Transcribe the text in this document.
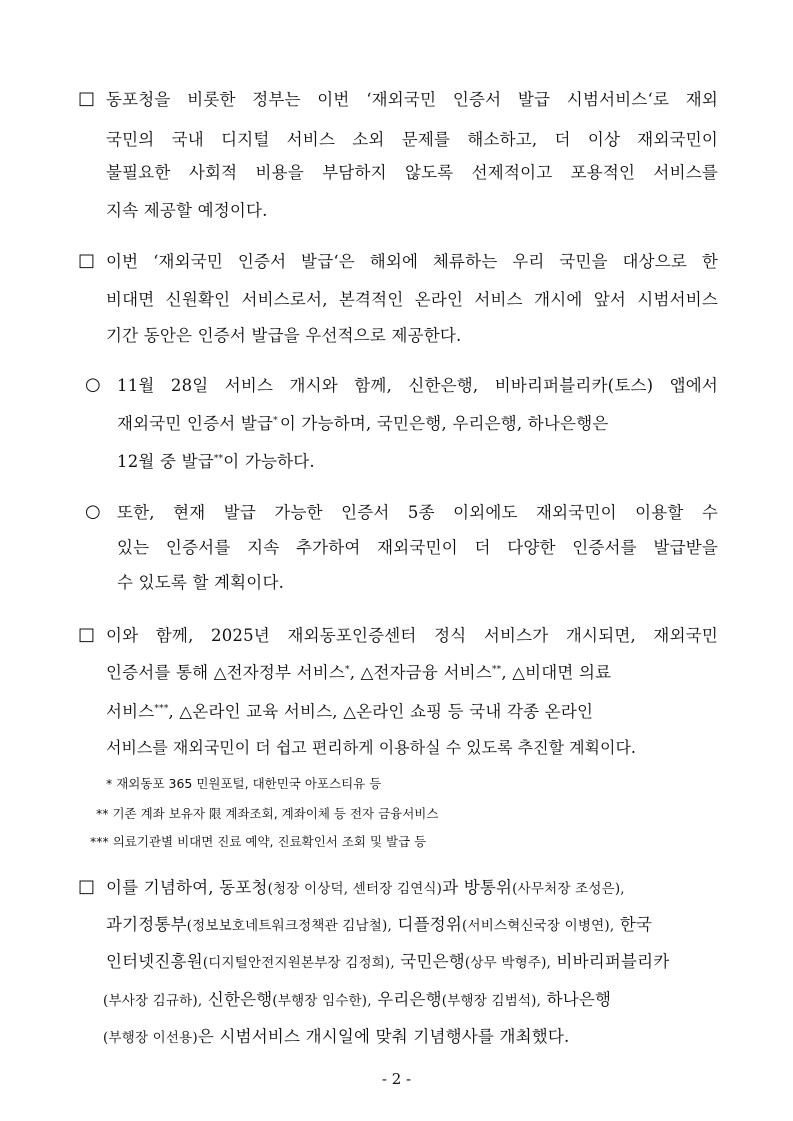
□ 동포청을 비롯한 정부는 이번 ‘재외국민 인증서 발급 시범서비스‘로 재외
국민의 국내 디지털 서비스 소외 문제를 해소하고, 더 이상 재외국민이
불필요한 사회적 비용을 부담하지 않도록 선제적이고 포용적인 서비스를
지속 제공할 예정이다.
□ 이번 ‘재외국민 인증서 발급‘은 해외에 체류하는 우리 국민을 대상으로 한
비대면 신원확인 서비스로서, 본격적인 온라인 서비스 개시에 앞서 시범서비스
기간 동안은 인증서 발급을 우선적으로 제공한다.
○ 11월 28일 서비스 개시와 함께, 신한은행, 비바리퍼블리카(토스) 앱에서
재외국민 인증서 발급* 이 가능하며, 국민은행, 우리은행, 하나은행은
12월 중 발급**이 가능하다.
○ 또한, 현재 발급 가능한 인증서 5종 이외에도 재외국민이 이용할 수
있는 인증서를 지속 추가하여 재외국민이 더 다양한 인증서를 발급받을
수 있도록 할 계획이다.
□ 이와 함께, 2025년 재외동포인증센터 정식 서비스가 개시되면, 재외국민
인증서를 통해 △전자정부 서비스*, △전자금융 서비스**, △비대면 의료
서비스***, △온라인 교육 서비스, △온라인 쇼핑 등 국내 각종 온라인
서비스를 재외국민이 더 쉽고 편리하게 이용하실 수 있도록 추진할 계획이다.
* 재외동포 365 민원포털, 대한민국 아포스티유 등
** 기존 계좌 보유자 限 계좌조회, 계좌이체 등 전자 금융서비스
*** 의료기관별 비대면 진료 예약, 진료확인서 조회 및 발급 등
□ 이를 기념하여, 동포청(청장 이상덕, 센터장 김연식)과 방통위(사무처장 조성은),
과기정통부(정보보호네트워크정책관 김남철), 디플정위(서비스혁신국장 이병연), 한국
인터넷진흥원(디지털안전지원본부장 김정희), 국민은행(상무 박형주), 비바리퍼블리카
(부사장 김규하), 신한은행(부행장 임수한), 우리은행(부행장 김범석), 하나은행
(부행장 이선용)은 시범서비스 개시일에 맞춰 기념행사를 개최했다.
- 2 -
